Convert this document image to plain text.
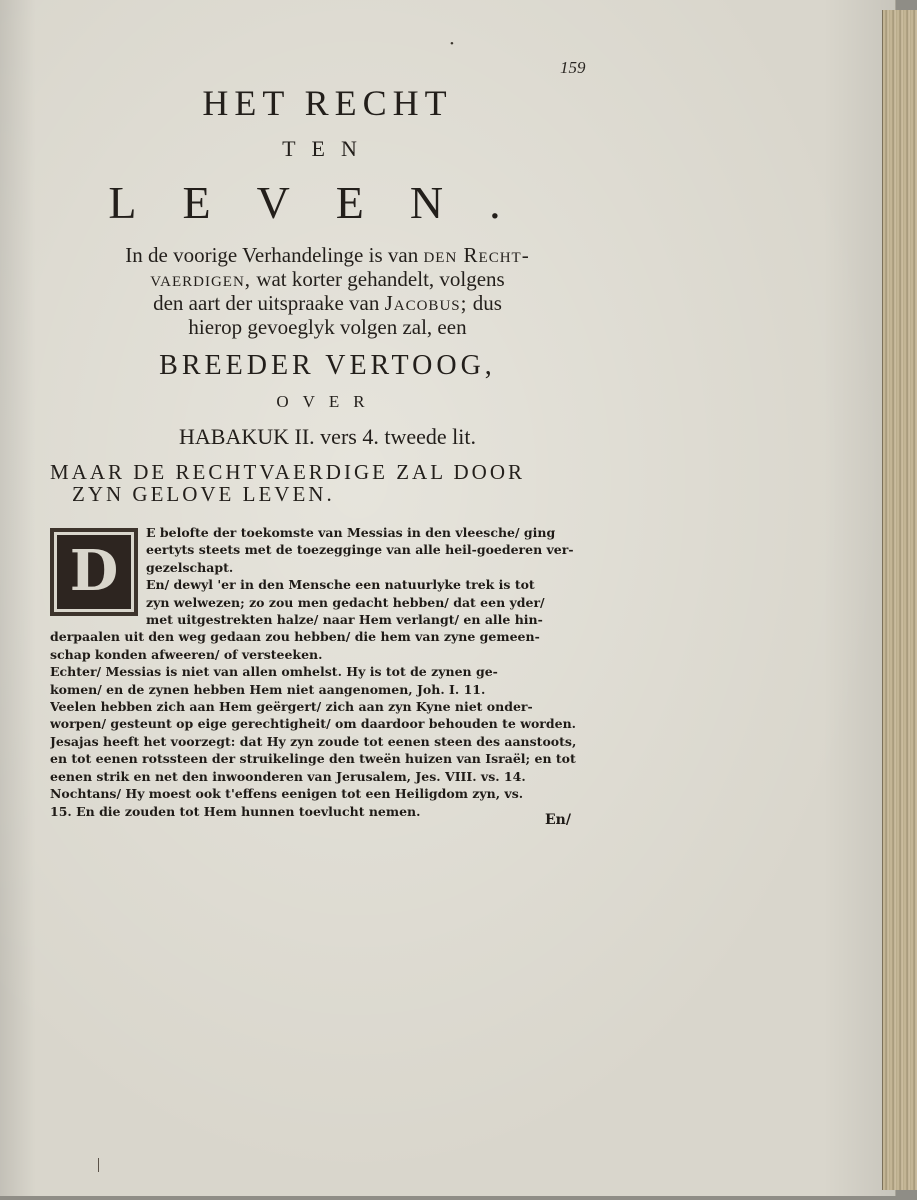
•
159
HET RECHT
TEN
LEVEN.
In de voorige Verhandelinge is van den Recht-
vaerdigen, wat korter gehandelt, volgens
den aart der uitspraake van Jacobus; dus
hierop gevoeglyk volgen zal, een
BREEDER VERTOOG,
OVER
HABAKUK II. vers 4. tweede lit.
MAAR DE RECHTVAERDIGE ZAL DOOR
ZYN GELOVE LEVEN.
D
E belofte der toekomste van Messias in den vleesche/ ging
eertyts steets met de toezegginge van alle heil-goederen ver-
gezelschapt.
En/ dewyl 'er in den Mensche een natuurlyke trek is tot
zyn welwezen; zo zou men gedacht hebben/ dat een yder/
met uitgestrekten halze/ naar Hem verlangt/ en alle hin-
derpaalen uit den weg gedaan zou hebben/ die hem van zyne gemeen-
schap konden afweeren/ of versteeken.
Echter/ Messias is niet van allen omhelst. Hy is tot de zynen ge-
komen/ en de zynen hebben Hem niet aangenomen, Joh. I. 11.
Veelen hebben zich aan Hem geërgert/ zich aan zyn Kyne niet onder-
worpen/ gesteunt op eige gerechtigheit/ om daardoor behouden te worden.
Jesajas heeft het voorzegt: dat Hy zyn zoude tot eenen steen des aanstoots,
en tot eenen rotssteen der struikelinge den tweën huizen van Israël; en tot
eenen strik en net den inwoonderen van Jerusalem, Jes. VIII. vs. 14.
Nochtans/ Hy moest ook t'effens eenigen tot een Heiligdom zyn, vs.
15. En die zouden tot Hem hunnen toevlucht nemen.
En/
